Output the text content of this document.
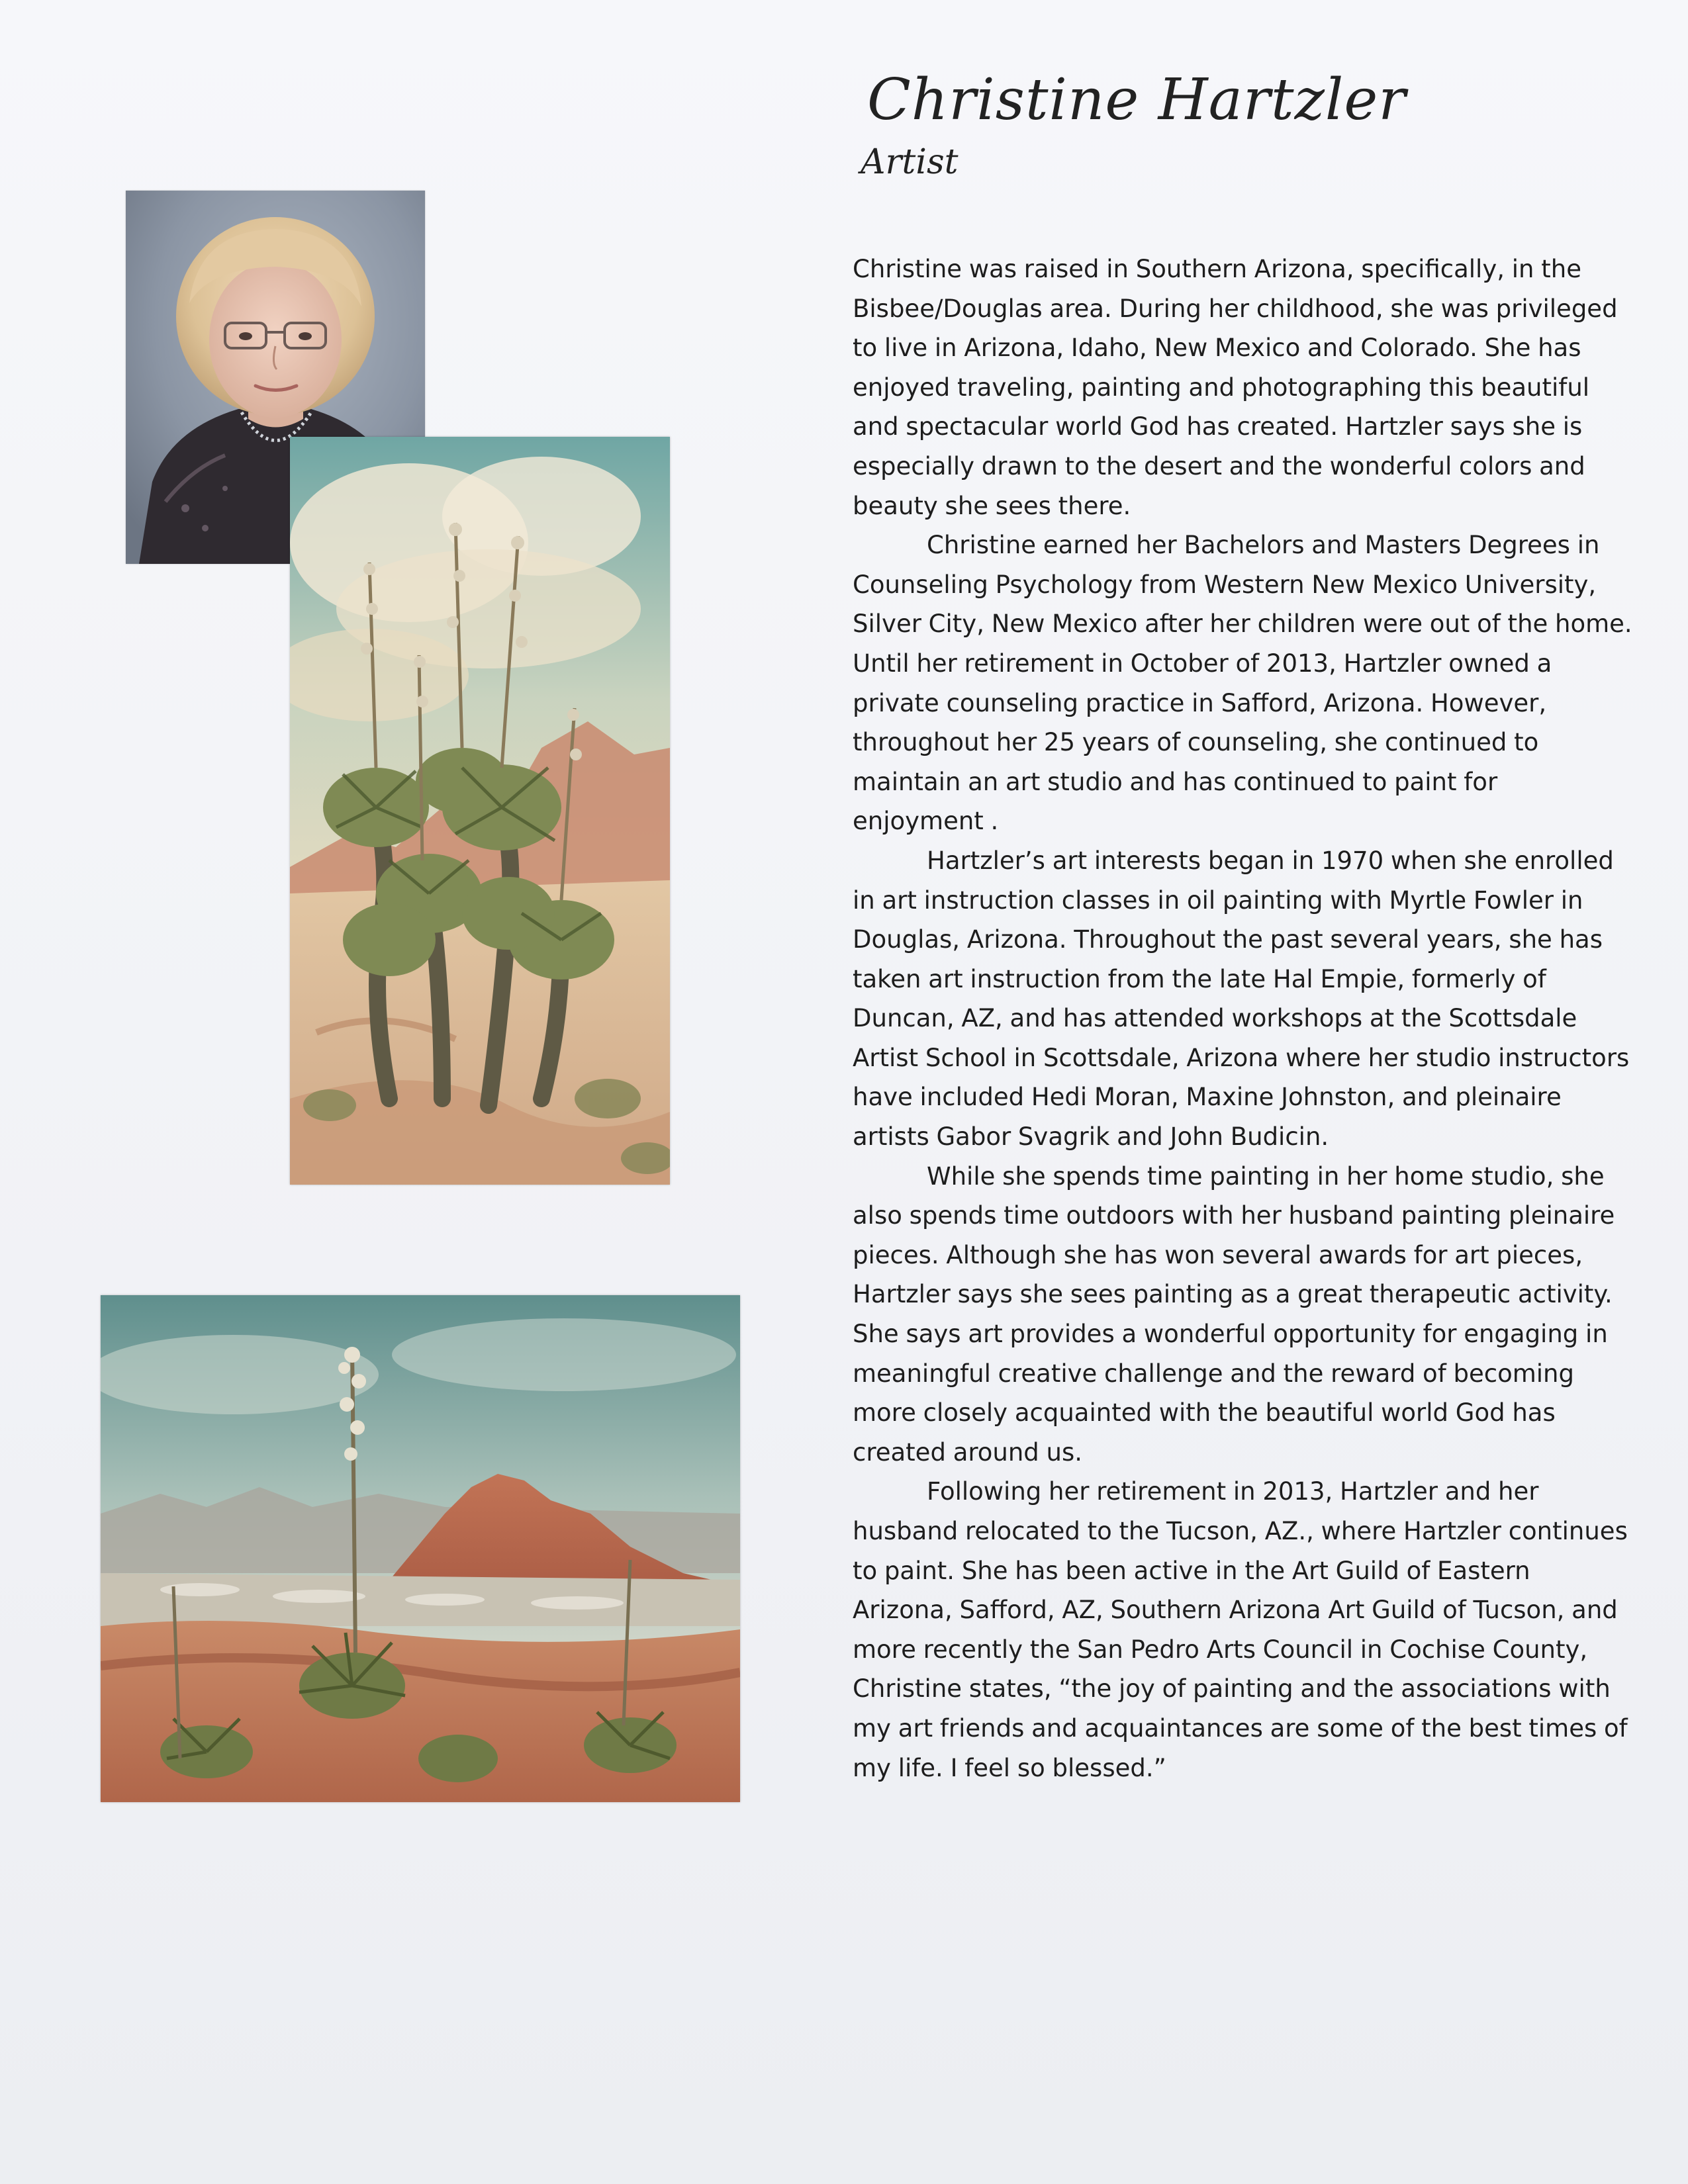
Christine Hartzler
Artist

Christine was raised in Southern Arizona, specifically, in the Bisbee/Douglas area. During her childhood, she was privileged to live in Arizona, Idaho, New Mexico and Colorado. She has enjoyed traveling, painting and photographing this beautiful and spectacular world God has created. Hartzler says she is especially drawn to the desert and the wonderful colors and beauty she sees there.

Christine earned her Bachelors and Masters Degrees in Counseling Psychology from Western New Mexico University, Silver City, New Mexico after her children were out of the home. Until her retirement in October of 2013, Hartzler owned a private counseling practice in Safford, Arizona. However, throughout her 25 years of counseling, she continued to maintain an art studio and has continued to paint for enjoyment .

Hartzler’s art interests began in 1970 when she enrolled in art instruction classes in oil painting with Myrtle Fowler in Douglas, Arizona. Throughout the past several years, she has taken art instruction from the late Hal Empie, formerly of Duncan, AZ, and has attended workshops at the Scottsdale Artist School in Scottsdale, Arizona where her studio instructors have included Hedi Moran, Maxine Johnston, and pleinaire artists Gabor Svagrik and John Budicin.

While she spends time painting in her home studio, she also spends time outdoors with her husband painting pleinaire pieces. Although she has won several awards for art pieces, Hartzler says she sees painting as a great therapeutic activity. She says art provides a wonderful opportunity for engaging in meaningful creative challenge and the reward of becoming more closely acquainted with the beautiful world God has created around us.

Following her retirement in 2013, Hartzler and her husband relocated to the Tucson, AZ., where Hartzler continues to paint. She has been active in the Art Guild of Eastern Arizona, Safford, AZ, Southern Arizona Art Guild of Tucson, and more recently the San Pedro Arts Council in Cochise County, Christine states, “the joy of painting and the associations with my art friends and acquaintances are some of the best times of my life. I feel so blessed.”
